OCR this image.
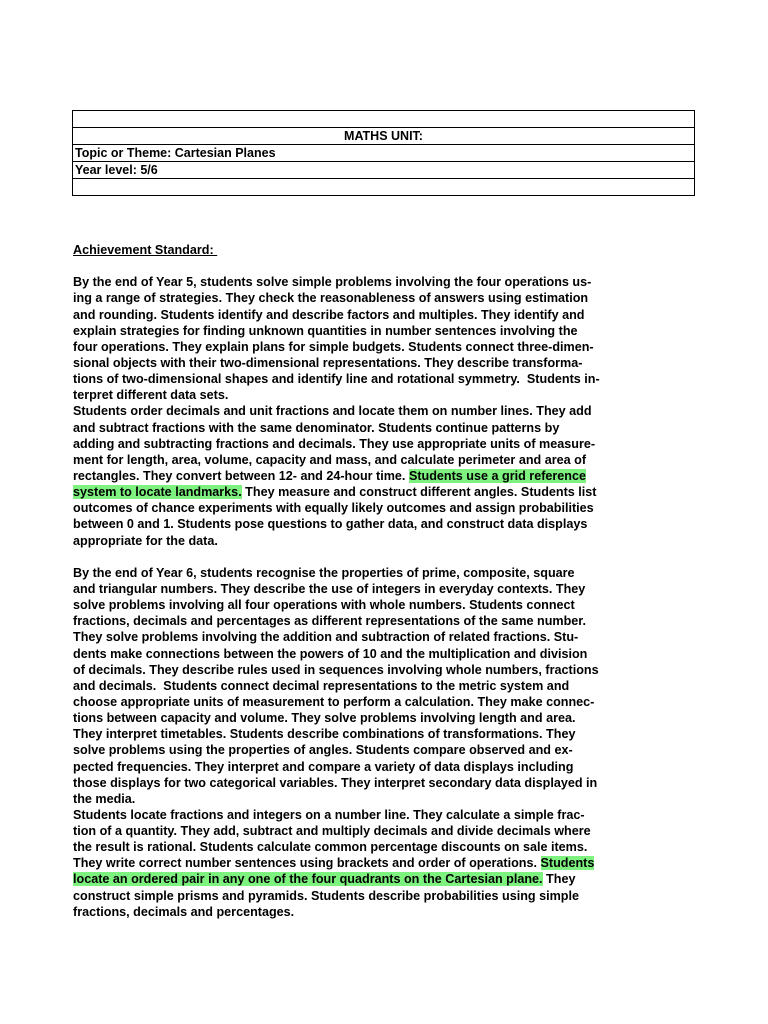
MATHS UNIT:
Topic or Theme: Cartesian Planes
Year level: 5/6

Achievement Standard:
By the end of Year 5, students solve simple problems involving the four operations us-
ing a range of strategies. They check the reasonableness of answers using estimation
and rounding. Students identify and describe factors and multiples. They identify and
explain strategies for finding unknown quantities in number sentences involving the
four operations. They explain plans for simple budgets. Students connect three-dimen-
sional objects with their two-dimensional representations. They describe transforma-
tions of two-dimensional shapes and identify line and rotational symmetry.  Students in-
terpret different data sets.
Students order decimals and unit fractions and locate them on number lines. They add
and subtract fractions with the same denominator. Students continue patterns by
adding and subtracting fractions and decimals. They use appropriate units of measure-
ment for length, area, volume, capacity and mass, and calculate perimeter and area of
rectangles. They convert between 12- and 24-hour time. Students use a grid reference
system to locate landmarks. They measure and construct different angles. Students list
outcomes of chance experiments with equally likely outcomes and assign probabilities
between 0 and 1. Students pose questions to gather data, and construct data displays
appropriate for the data.
By the end of Year 6, students recognise the properties of prime, composite, square
and triangular numbers. They describe the use of integers in everyday contexts. They
solve problems involving all four operations with whole numbers. Students connect
fractions, decimals and percentages as different representations of the same number.
They solve problems involving the addition and subtraction of related fractions. Stu-
dents make connections between the powers of 10 and the multiplication and division
of decimals. They describe rules used in sequences involving whole numbers, fractions
and decimals.  Students connect decimal representations to the metric system and
choose appropriate units of measurement to perform a calculation. They make connec-
tions between capacity and volume. They solve problems involving length and area.
They interpret timetables. Students describe combinations of transformations. They
solve problems using the properties of angles. Students compare observed and ex-
pected frequencies. They interpret and compare a variety of data displays including
those displays for two categorical variables. They interpret secondary data displayed in
the media.
Students locate fractions and integers on a number line. They calculate a simple frac-
tion of a quantity. They add, subtract and multiply decimals and divide decimals where
the result is rational. Students calculate common percentage discounts on sale items.
They write correct number sentences using brackets and order of operations. Students
locate an ordered pair in any one of the four quadrants on the Cartesian plane. They
construct simple prisms and pyramids. Students describe probabilities using simple
fractions, decimals and percentages.
